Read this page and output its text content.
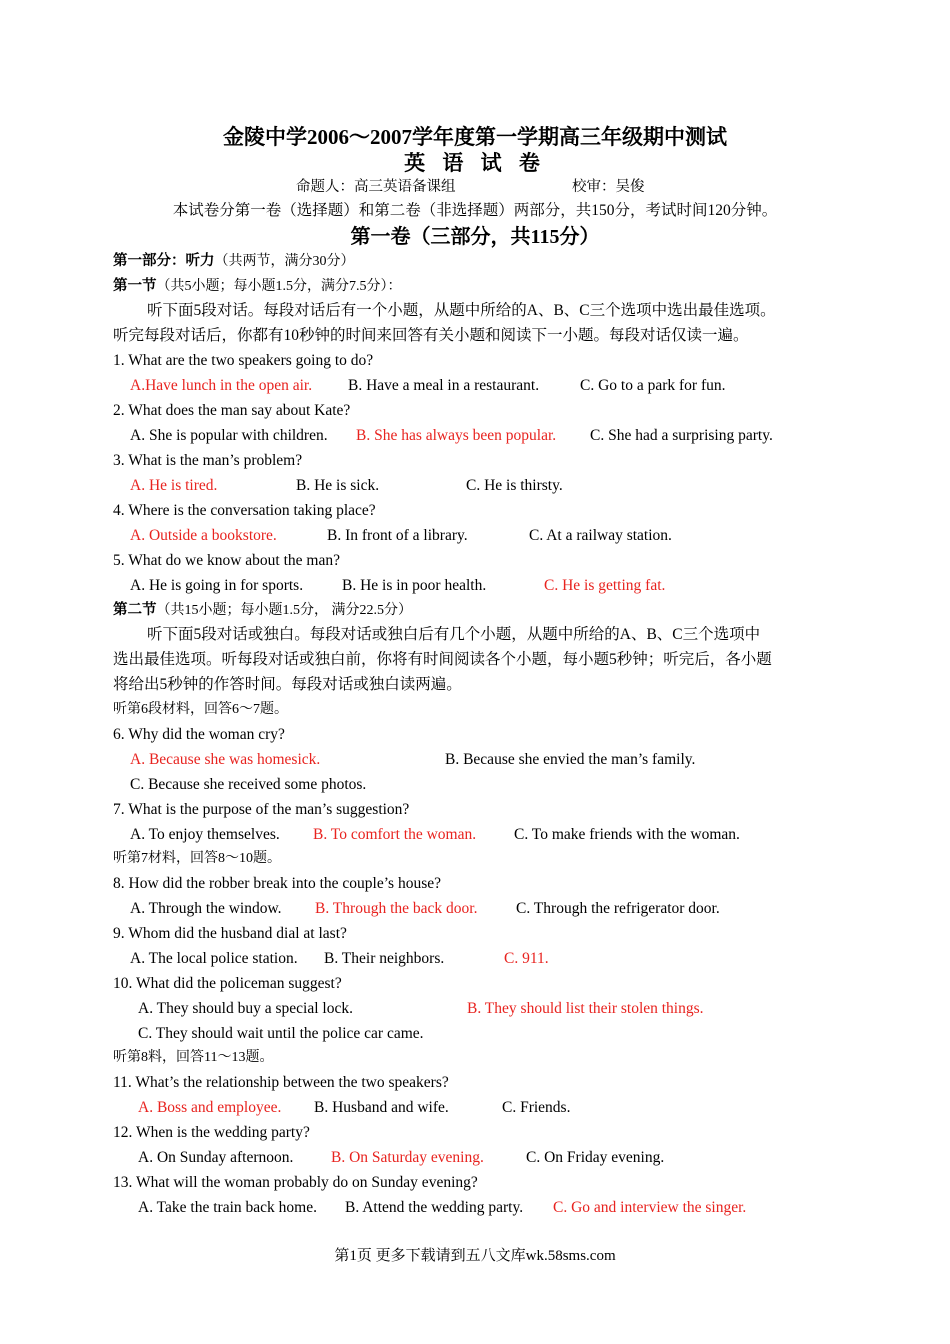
金陵中学2006～2007学年度第一学期高三年级期中测试
英 语 试 卷
命题人：高三英语备课组	校审：吴俊
本试卷分第一卷（选择题）和第二卷（非选择题）两部分，共150分，考试时间120分钟。
第一卷（三部分，共115分）
第一部分：听力（共两节，满分30分）
第一节（共5小题；每小题1.5分，满分7.5分）：
听下面5段对话。每段对话后有一个小题，从题中所给的A、B、C三个选项中选出最佳选项。
听完每段对话后，你都有10秒钟的时间来回答有关小题和阅读下一小题。每段对话仅读一遍。
1. What are the two speakers going to do?
A.Have lunch in the open air. B. Have a meal in a restaurant.	C. Go to a park for fun.
2. What does the man say about Kate?
A. She is popular with children. B. She has always been popular. C. She had a surprising party.
3. What is the man’s problem?
A. He is tired.	B. He is sick.	C. He is thirsty.
4. Where is the conversation taking place?
A. Outside a bookstore.	B. In front of a library.	C. At a railway station.
5. What do we know about the man?
A. He is going in for sports.	B. He is in poor health.	C. He is getting fat.
第二节（共15小题；每小题1.5分， 满分22.5分）
听下面5段对话或独白。每段对话或独白后有几个小题，从题中所给的A、B、C三个选项中
选出最佳选项。听每段对话或独白前，你将有时间阅读各个小题，每小题5秒钟；听完后，各小题
将给出5秒钟的作答时间。每段对话或独白读两遍。
听第6段材料，回答6～7题。
6. Why did the woman cry?
A. Because she was homesick.	B. Because she envied the man’s family.
C. Because she received some photos.
7. What is the purpose of the man’s suggestion?
A. To enjoy themselves. B. To comfort the woman. C. To make friends with the woman.
听第7材料，回答8～10题。
8. How did the robber break into the couple’s house?
A. Through the window. B. Through the back door. C. Through the refrigerator door.
9. Whom did the husband dial at last?
A. The local police station. B. Their neighbors.	C. 911.
10. What did the policeman suggest?
A. They should buy a special lock.	B. They should list their stolen things.
C. They should wait until the police car came.
听第8料，回答11～13题。
11. What’s the relationship between the two speakers?
A. Boss and employee. B. Husband and wife.	C. Friends.
12. When is the wedding party?
A. On Sunday afternoon. B. On Saturday evening.	C. On Friday evening.
13. What will the woman probably do on Sunday evening?
A. Take the train back home. B. Attend the wedding party. C. Go and interview the singer.
第1页 更多下载请到五八文库wk.58sms.com
